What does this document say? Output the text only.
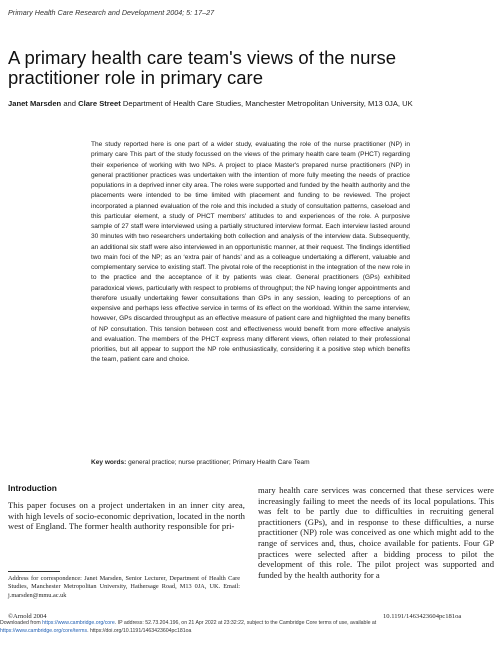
Primary Health Care Research and Development 2004; 5: 17–27
A primary health care team's views of the nurse practitioner role in primary care
Janet Marsden and Clare Street Department of Health Care Studies, Manchester Metropolitan University, M13 0JA, UK

The study reported here is one part of a wider study, evaluating the role of the nurse practitioner (NP) in primary care This part of the study focussed on the views of the primary health care team (PHCT) regarding their experience of working with two NPs. A project to place Master's prepared nurse practitioners (NP) in general practitioner practices was undertaken with the intention of more fully meeting the needs of practice populations in a deprived inner city area. The roles were supported and funded by the health authority and the placements were intended to be time limited with placement and funding to be reviewed. The project incorporated a planned evaluation of the role and this included a study of consultation patterns, caseload and this particular element, a study of PHCT members' attitudes to and experiences of the role. A purposive sample of 27 staff were interviewed using a partially structured interview format. Each interview lasted around 30 minutes with two researchers undertaking both collection and analysis of the interview data. Subsequently, an additional six staff were also interviewed in an opportunistic manner, at their request. The findings identified two main foci of the NP; as an ‘extra pair of hands’ and as a colleague undertaking a different, valuable and complementary service to existing staff. The pivotal role of the receptionist in the integration of the new role in to the practice and the acceptance of it by patients was clear. General practitioners (GPs) exhibited paradoxical views, particularly with respect to problems of throughput; the NP having longer appointments and therefore usually undertaking fewer consultations than GPs in any session, leading to perceptions of an expensive and perhaps less effective service in terms of its effect on the workload. Within the same interview, however, GPs discarded throughput as an effective measure of patient care and highlighted the many benefits of NP consultation. This tension between cost and effectiveness would benefit from more effective analysis and evaluation. The members of the PHCT express many different views, often related to their professional priorities, but all appear to support the NP role enthusiastically, considering it a positive step which benefits the team, patient care and choice.

Key words: general practice; nurse practitioner; Primary Health Care Team
Introduction

This paper focuses on a project undertaken in an inner city area, with high levels of socio-economic deprivation, located in the north west of England. The former health authority responsible for pri-

mary health care services was concerned that these services were increasingly failing to meet the needs of its local populations. This was felt to be partly due to difficulties in recruiting general practitioners (GPs), and in response to these difficulties, a nurse practitioner (NP) role was conceived as one which might add to the range of services and, thus, choice available for patients. Four GP practices were selected after a bidding process to pilot the development of this role. The pilot project was supported and funded by the health authority for a

Address for correspondence: Janet Marsden, Senior Lecturer, Department of Health Care Studies, Manchester Metropolitan University, Hathersage Road, M13 0JA, UK. Email: j.marsden@mmu.ac.uk

©Arnold 2004	10.1191/1463423604pc181oa
Downloaded from https://www.cambridge.org/core. IP address: 52.73.204.196, on 21 Apr 2022 at 23:32:22, subject to the Cambridge Core terms of use, available at
https://www.cambridge.org/core/terms. https://doi.org/10.1191/1463423604pc181oa
